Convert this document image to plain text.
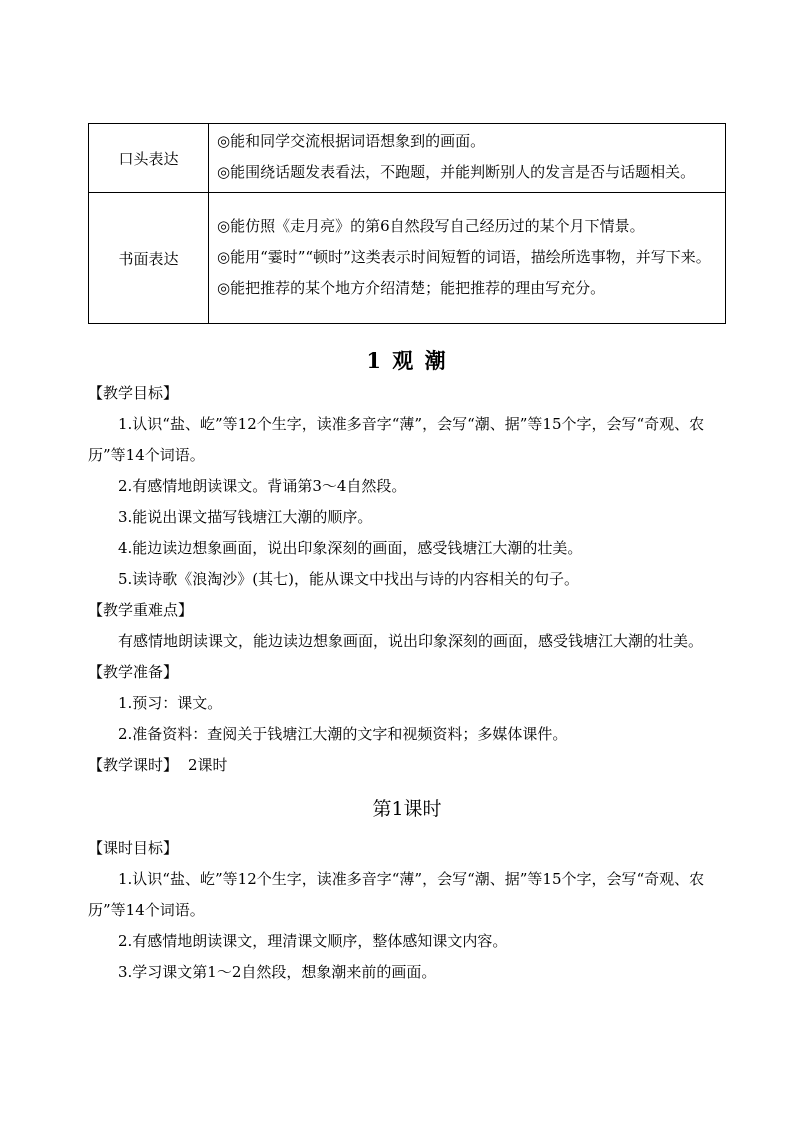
口头表达	◎能和同学交流根据词语想象到的画面。
◎能围绕话题发表看法，不跑题，并能判断别人的发言是否与话题相关。

书面表达	◎能仿照《走月亮》的第6自然段写自己经历过的某个月下情景。
◎能用“霎时”“顿时”这类表示时间短暂的词语，描绘所选事物，并写下来。
◎能把推荐的某个地方介绍清楚；能把推荐的理由写充分。
1 观 潮
【教学目标】
1.认识“盐、屹”等12个生字，读准多音字“薄”，会写“潮、据”等15个字，会写“奇观、农历”等14个词语。
2.有感情地朗读课文。背诵第3～4自然段。
3.能说出课文描写钱塘江大潮的顺序。
4.能边读边想象画面，说出印象深刻的画面，感受钱塘江大潮的壮美。
5.读诗歌《浪淘沙》(其七)，能从课文中找出与诗的内容相关的句子。
【教学重难点】
有感情地朗读课文，能边读边想象画面，说出印象深刻的画面，感受钱塘江大潮的壮美。
【教学准备】
1.预习：课文。
2.准备资料：查阅关于钱塘江大潮的文字和视频资料；多媒体课件。
【教学课时】 2课时
第1课时
【课时目标】
1.认识“盐、屹”等12个生字，读准多音字“薄”，会写“潮、据”等15个字，会写“奇观、农历”等14个词语。
2.有感情地朗读课文，理清课文顺序，整体感知课文内容。
3.学习课文第1～2自然段，想象潮来前的画面。
